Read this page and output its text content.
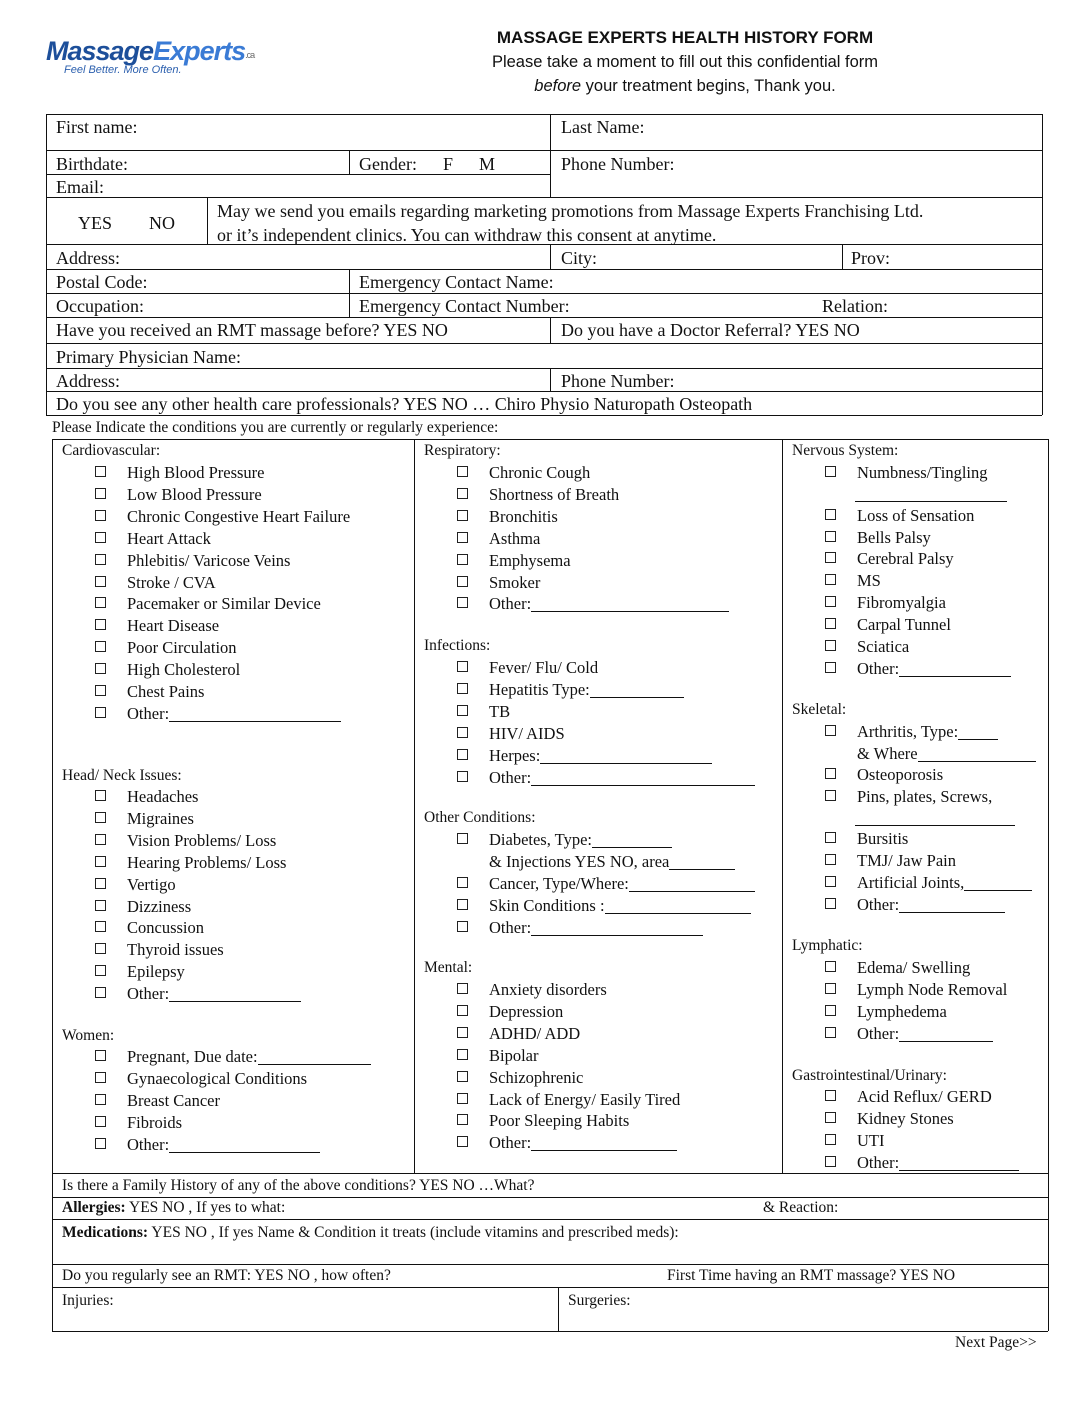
MassageExperts.ca
Feel Better. More Often.
MASSAGE EXPERTS HEALTH HISTORY FORM
Please take a moment to fill out this confidential form
before your treatment begins, Thank you.
First name:	Last Name:
Birthdate:	Gender: F M	Phone Number:
Email:
YES NO
May we send you emails regarding marketing promotions from Massage Experts Franchising Ltd.
or it’s independent clinics. You can withdraw this consent at anytime.
Address:	City:	Prov:
Postal Code:	Emergency Contact Name:
Occupation:	Emergency Contact Number:	Relation:
Have you received an RMT massage before? YES NO	Do you have a Doctor Referral? YES NO
Primary Physician Name:
Address:	Phone Number:
Do you see any other health care professionals? YES NO … Chiro Physio Naturopath Osteopath
Please Indicate the conditions you are currently or regularly experience:
Cardiovascular:
High Blood Pressure
Low Blood Pressure
Chronic Congestive Heart Failure
Heart Attack
Phlebitis/ Varicose Veins
Stroke / CVA
Pacemaker or Similar Device
Heart Disease
Poor Circulation
High Cholesterol
Chest Pains
Other:
Head/ Neck Issues:
Headaches
Migraines
Vision Problems/ Loss
Hearing Problems/ Loss
Vertigo
Dizziness
Concussion
Thyroid issues
Epilepsy
Other:
Women:
Pregnant, Due date:
Gynaecological Conditions
Breast Cancer
Fibroids
Other:
Respiratory:
Chronic Cough
Shortness of Breath
Bronchitis
Asthma
Emphysema
Smoker
Other:
Infections:
Fever/ Flu/ Cold
Hepatitis Type:
TB
HIV/ AIDS
Herpes:
Other:
Other Conditions:
Diabetes, Type:
& Injections YES NO, area
Cancer, Type/Where:
Skin Conditions :
Other:
Mental:
Anxiety disorders
Depression
ADHD/ ADD
Bipolar
Schizophrenic
Lack of Energy/ Easily Tired
Poor Sleeping Habits
Other:
Nervous System:
Numbness/Tingling
Loss of Sensation
Bells Palsy
Cerebral Palsy
MS
Fibromyalgia
Carpal Tunnel
Sciatica
Other:
Skeletal:
Arthritis, Type:
& Where
Osteoporosis
Pins, plates, Screws,
Bursitis
TMJ/ Jaw Pain
Artificial Joints,
Other:
Lymphatic:
Edema/ Swelling
Lymph Node Removal
Lymphedema
Other:
Gastrointestinal/Urinary:
Acid Reflux/ GERD
Kidney Stones
UTI
Other:
Is there a Family History of any of the above conditions? YES NO …What?
Allergies: YES NO , If yes to what:	& Reaction:
Medications: YES NO , If yes Name & Condition it treats (include vitamins and prescribed meds):
Do you regularly see an RMT: YES NO , how often?	First Time having an RMT massage? YES NO
Injuries:	Surgeries:
Next Page>>
